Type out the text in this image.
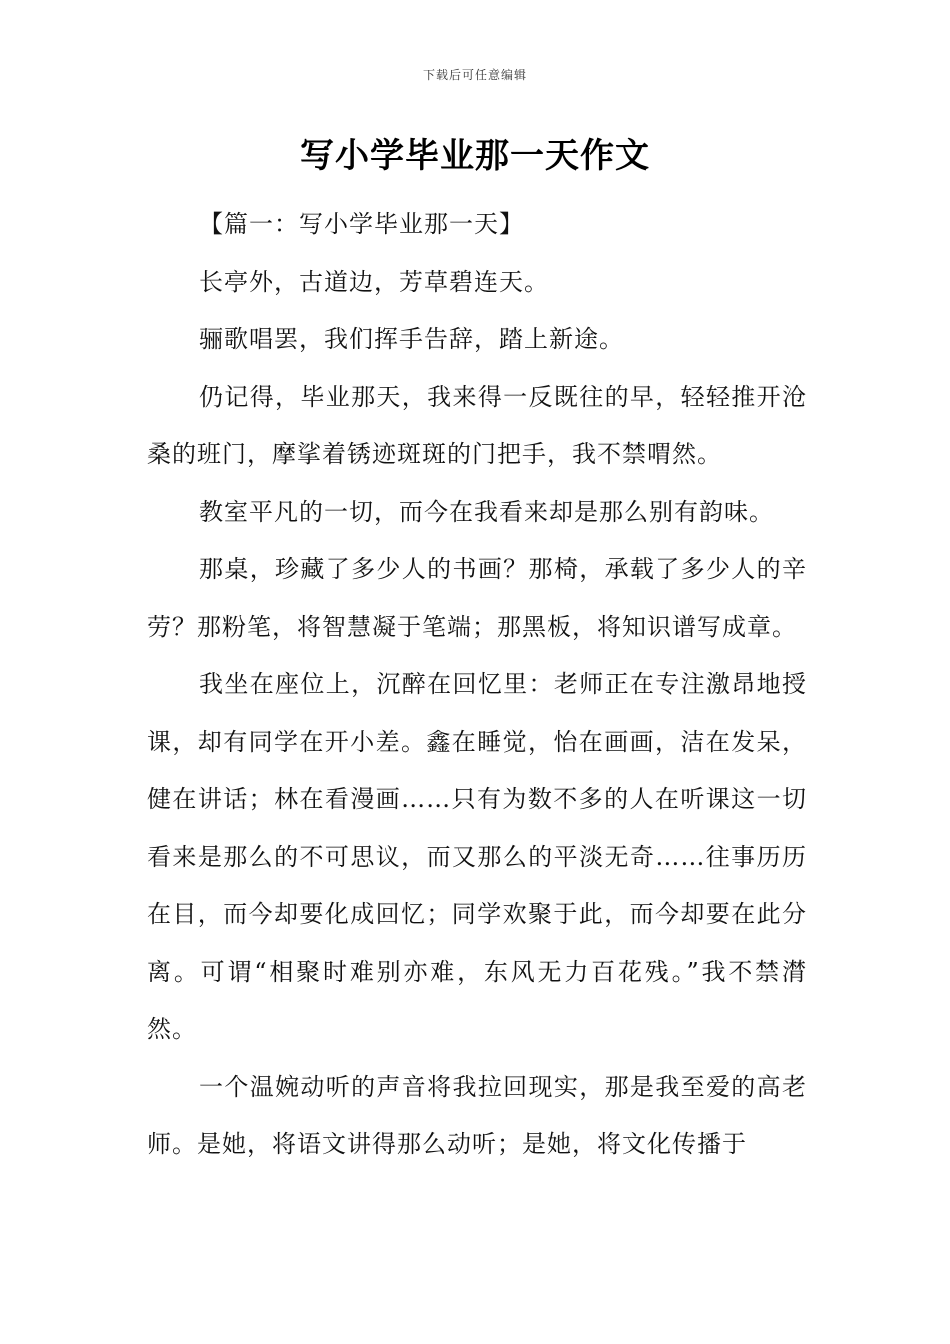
下载后可任意编辑
写小学毕业那一天作文

【篇一：写小学毕业那一天】

长亭外，古道边，芳草碧连天。

骊歌唱罢，我们挥手告辞，踏上新途。

仍记得，毕业那天，我来得一反既往的早，轻轻推开沧桑的班门，摩挲着锈迹斑斑的门把手，我不禁喟然。

教室平凡的一切，而今在我看来却是那么别有韵味。

那桌，珍藏了多少人的书画？那椅，承载了多少人的辛劳？那粉笔，将智慧凝于笔端；那黑板，将知识谱写成章。

我坐在座位上，沉醉在回忆里：老师正在专注激昂地授课，却有同学在开小差。鑫在睡觉，怡在画画，洁在发呆，健在讲话；林在看漫画……只有为数不多的人在听课这一切看来是那么的不可思议，而又那么的平淡无奇……往事历历在目，而今却要化成回忆；同学欢聚于此，而今却要在此分离。可谓“相聚时难别亦难，东风无力百花残。”我不禁潸然。

一个温婉动听的声音将我拉回现实，那是我至爱的高老师。是她，将语文讲得那么动听；是她，将文化传播于
